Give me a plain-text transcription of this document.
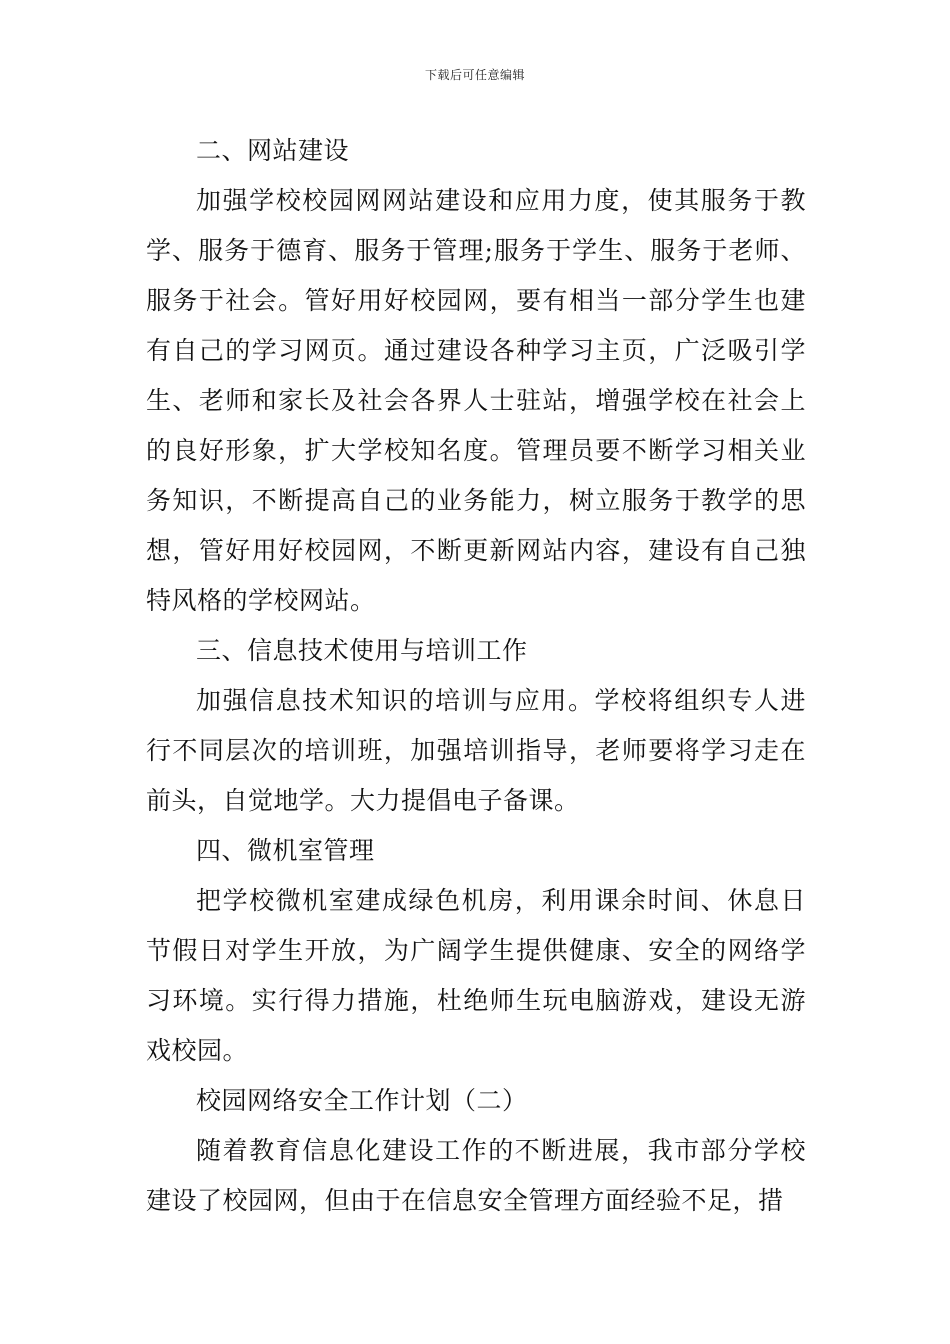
下载后可任意编辑

二、网站建设

加强学校校园网网站建设和应用力度，使其服务于教学、服务于德育、服务于管理;服务于学生、服务于老师、服务于社会。管好用好校园网，要有相当一部分学生也建有自己的学习网页。通过建设各种学习主页，广泛吸引学生、老师和家长及社会各界人士驻站，增强学校在社会上的良好形象，扩大学校知名度。管理员要不断学习相关业务知识，不断提高自己的业务能力，树立服务于教学的思想，管好用好校园网，不断更新网站内容，建设有自己独特风格的学校网站。

三、信息技术使用与培训工作

加强信息技术知识的培训与应用。学校将组织专人进行不同层次的培训班，加强培训指导，老师要将学习走在前头，自觉地学。大力提倡电子备课。

四、微机室管理

把学校微机室建成绿色机房，利用课余时间、休息日节假日对学生开放，为广阔学生提供健康、安全的网络学习环境。实行得力措施，杜绝师生玩电脑游戏，建设无游戏校园。

校园网络安全工作计划（二）

随着教育信息化建设工作的不断进展，我市部分学校建设了校园网，但由于在信息安全管理方面经验不足，措
